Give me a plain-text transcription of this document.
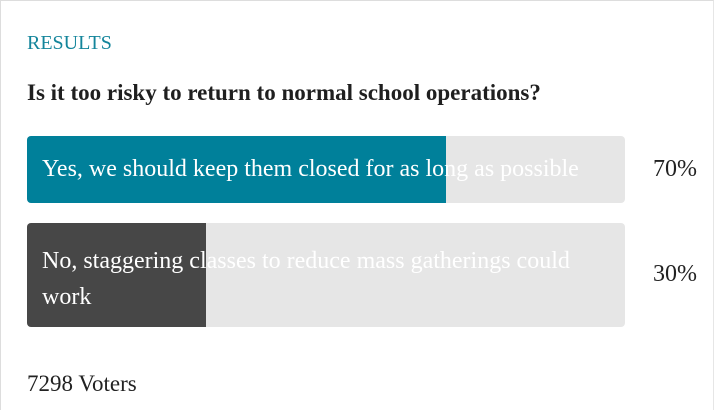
RESULTS
Is it too risky to return to normal school operations?
Yes, we should keep them closed for as long as possible	70%
No, staggering classes to reduce mass gatherings could work
30%
7298 Voters
